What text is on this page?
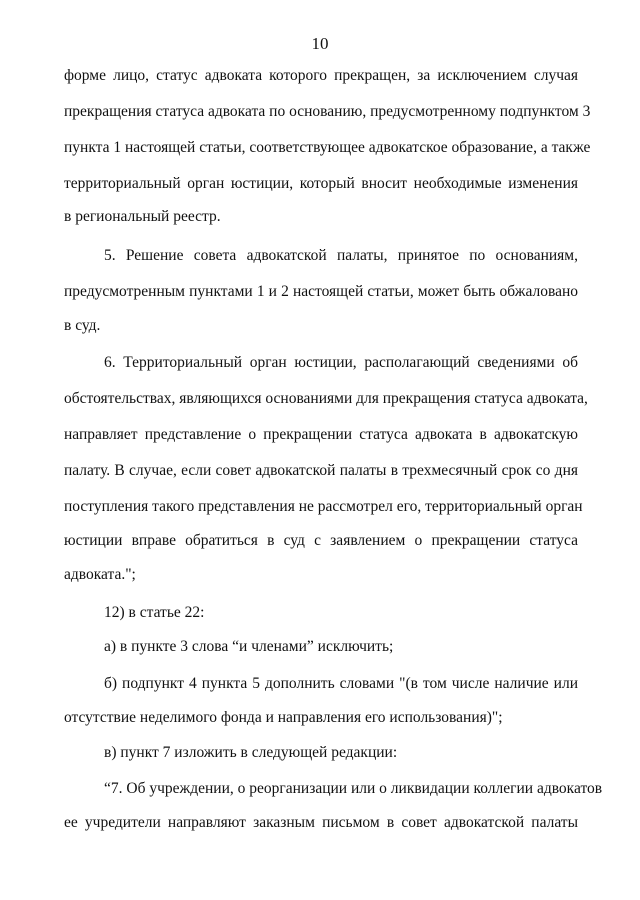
10
форме лицо, статус адвоката которого прекращен, за исключением случая
прекращения статуса адвоката по основанию, предусмотренному подпунктом 3
пункта 1 настоящей статьи, соответствующее адвокатское образование, а также
территориальный орган юстиции, который вносит необходимые изменения
в региональный реестр.
5. Решение совета адвокатской палаты, принятое по основаниям,
предусмотренным пунктами 1 и 2 настоящей статьи, может быть обжаловано
в суд.
6. Территориальный орган юстиции, располагающий сведениями об
обстоятельствах, являющихся основаниями для прекращения статуса адвоката,
направляет представление о прекращении статуса адвоката в адвокатскую
палату. В случае, если совет адвокатской палаты в трехмесячный срок со дня
поступления такого представления не рассмотрел его, территориальный орган
юстиции вправе обратиться в суд с заявлением о прекращении статуса
адвоката.";
12) в статье 22:
а) в пункте 3 слова “и членами” исключить;
б) подпункт 4 пункта 5 дополнить словами "(в том числе наличие или
отсутствие неделимого фонда и направления его использования)";
в) пункт 7 изложить в следующей редакции:
“7. Об учреждении, о реорганизации или о ликвидации коллегии адвокатов
ее учредители направляют заказным письмом в совет адвокатской палаты
